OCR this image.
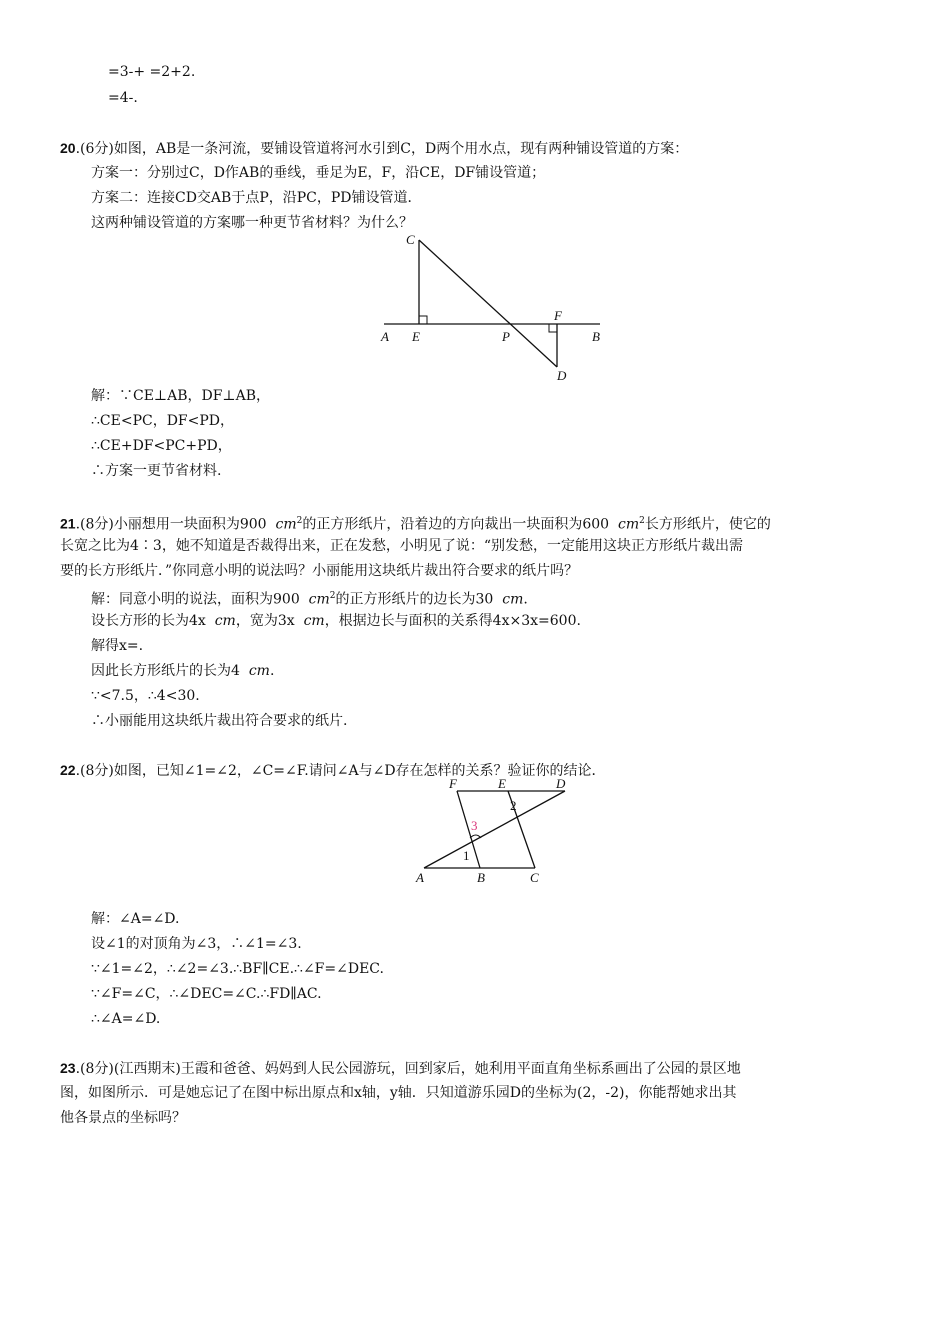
=3-+ =2+2.
=4-.
20.(6分)如图，AB是一条河流，要铺设管道将河水引到C，D两个用水点，现有两种铺设管道的方案：
方案一：分别过C，D作AB的垂线，垂足为E，F，沿CE，DF铺设管道；
方案二：连接CD交AB于点P，沿PC，PD铺设管道．
这两种铺设管道的方案哪一种更节省材料？为什么？
C
A E	P
F
B
D
解：∵CE⊥AB，DF⊥AB，
∴CE<PC，DF<PD，
∴CE+DF<PC+PD，
∴方案一更节省材料.
21.(8分)小丽想用一块面积为900 $cm^2$的正方形纸片，沿着边的方向裁出一块面积为600 $cm^2$长方形纸片，使它的
长宽之比为4∶3，她不知道是否裁得出来，正在发愁，小明见了说：“别发愁，一定能用这块正方形纸片裁出需
要的长方形纸片．”你同意小明的说法吗？小丽能用这块纸片裁出符合要求的纸片吗？
解：同意小明的说法，面积为900 $cm^2$的正方形纸片的边长为30 cm.
设长方形的长为4x cm，宽为3x cm，根据边长与面积的关系得4x×3x=600.
解得x=.
因此长方形纸片的长为4 cm.
∵<7.5，∴4<30.
∴小丽能用这块纸片裁出符合要求的纸片.
22.(8分)如图，已知∠1=∠2，∠C=∠F.请问∠A与∠D存在怎样的关系？验证你的结论．
F	E	D
A	B	C
1
2
3
解：∠A=∠D.
设∠1的对顶角为∠3，∴∠1=∠3.
∵∠1=∠2，∴∠2=∠3.∴BF∥CE.∴∠F=∠DEC.
∵∠F=∠C，∴∠DEC=∠C.∴FD∥AC.
∴∠A=∠D.
23.(8分)(江西期末)王霞和爸爸、妈妈到人民公园游玩，回到家后，她利用平面直角坐标系画出了公园的景区地
图，如图所示．可是她忘记了在图中标出原点和x轴，y轴．只知道游乐园D的坐标为(2，-2)，你能帮她求出其
他各景点的坐标吗？
